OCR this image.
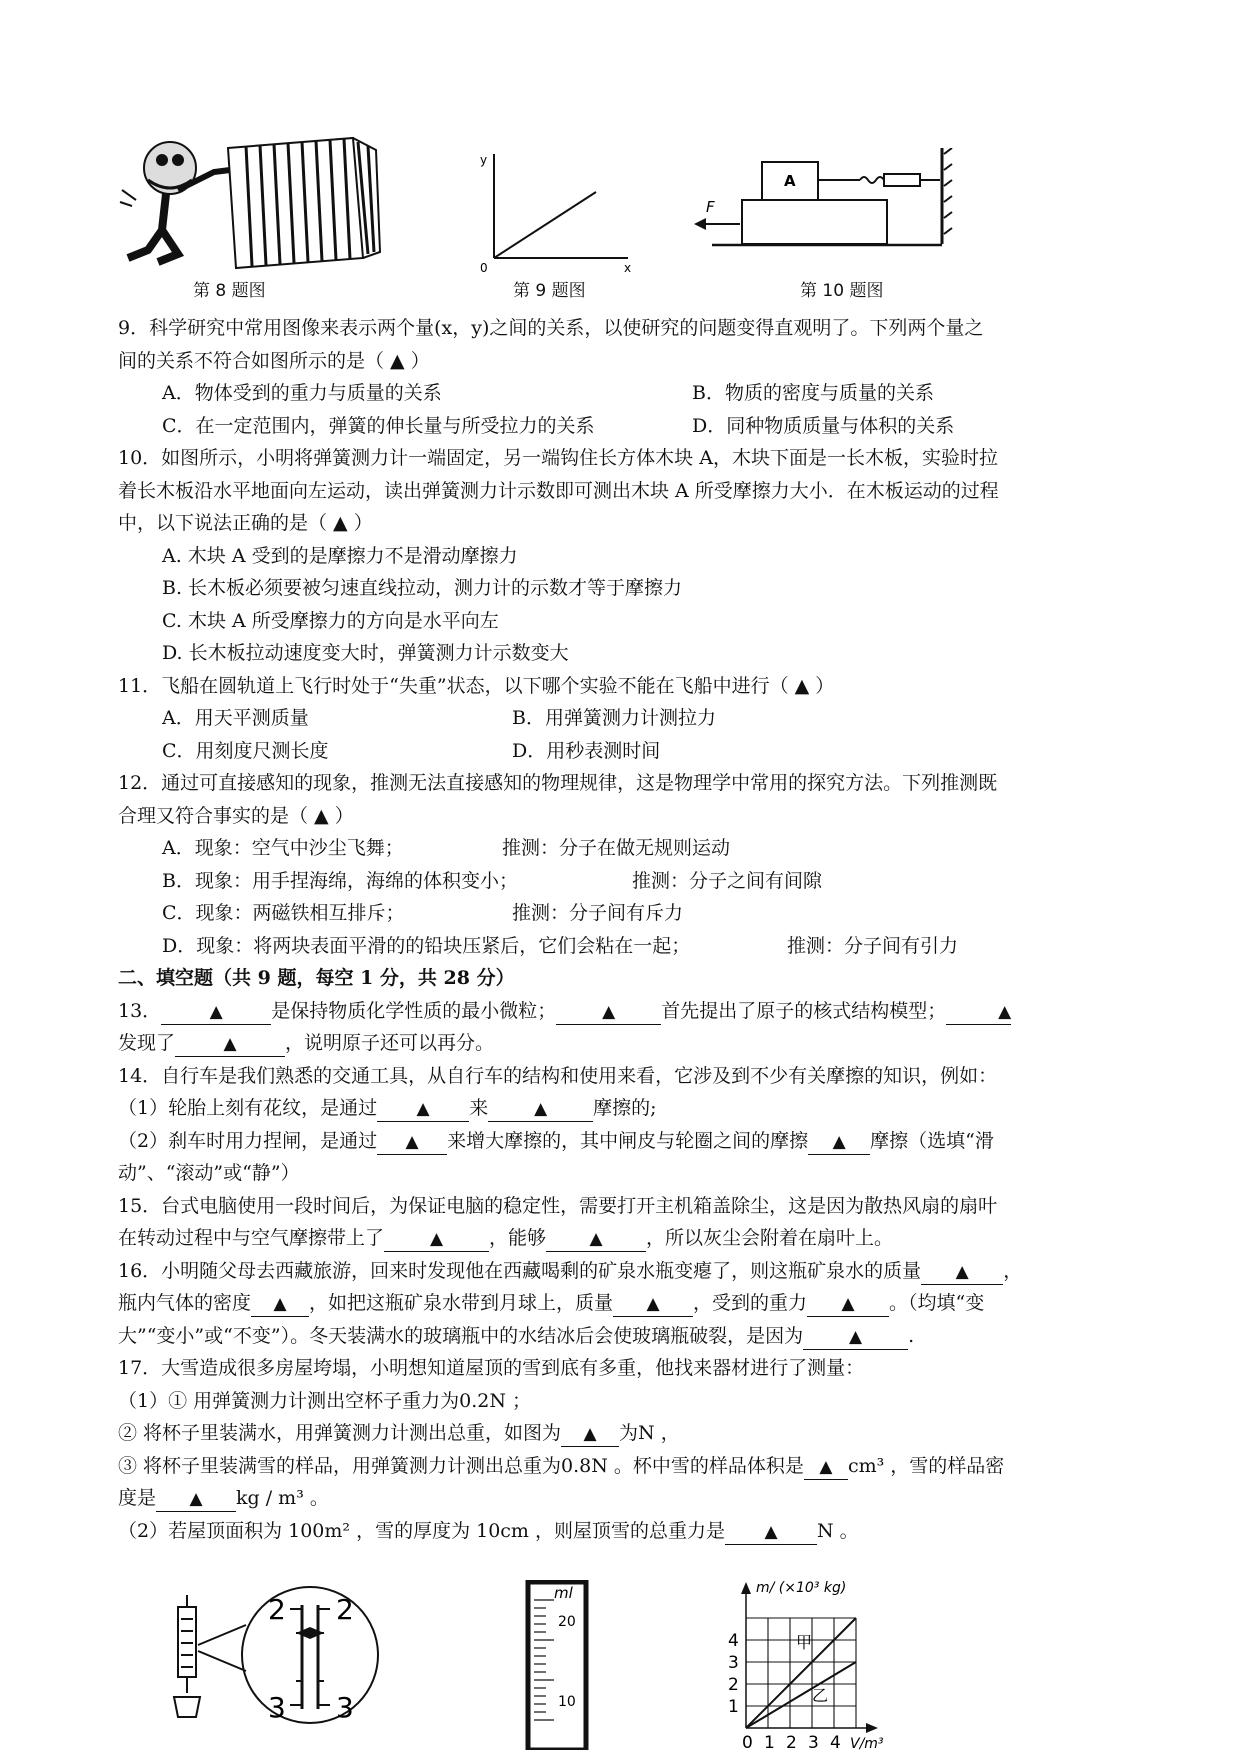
第 8 题图
y
x
0
第 9 题图
A
F
第 10 题图
9．科学研究中常用图像来表示两个量(x，y)之间的关系，以使研究的问题变得直观明了。下列两个量之
间的关系不符合如图所示的是（ ▲ ）
A．物体受到的重力与质量的关系	B．物质的密度与质量的关系
C．在一定范围内，弹簧的伸长量与所受拉力的关系	D．同种物质质量与体积的关系
10．如图所示，小明将弹簧测力计一端固定，另一端钩住长方体木块 A，木块下面是一长木板，实验时拉
着长木板沿水平地面向左运动，读出弹簧测力计示数即可测出木块 A 所受摩擦力大小．在木板运动的过程
中，以下说法正确的是（ ▲ ）
A. 木块 A 受到的是摩擦力不是滑动摩擦力
B. 长木板必须要被匀速直线拉动，测力计的示数才等于摩擦力
C. 木块 A 所受摩擦力的方向是水平向左
D. 长木板拉动速度变大时，弹簧测力计示数变大
11．飞船在圆轨道上飞行时处于“失重”状态，以下哪个实验不能在飞船中进行（ ▲ ）
A．用天平测质量	B．用弹簧测力计测拉力
C．用刻度尺测长度	D．用秒表测时间
12．通过可直接感知的现象，推测无法直接感知的物理规律，这是物理学中常用的探究方法。下列推测既
合理又符合事实的是（ ▲ ）
A．现象：空气中沙尘飞舞；	推测：分子在做无规则运动
B．现象：用手捏海绵，海绵的体积变小；	推测：分子之间有间隙
C．现象：两磁铁相互排斥；	推测：分子间有斥力
D．现象：将两块表面平滑的的铅块压紧后，它们会粘在一起；	推测：分子间有引力
二、填空题（共 9 题，每空 1 分，共 28 分）
13．	▲	是保持物质化学性质的最小微粒；	▲ 首先提出了原子的核式结构模型；	▲
发现了	▲	，说明原子还可以再分。
14．自行车是我们熟悉的交通工具，从自行车的结构和使用来看，它涉及到不少有关摩擦的知识，例如：
（1）轮胎上刻有花纹，是通过 ▲ 来	▲ 摩擦的;
（2）刹车时用力捏闸，是通过 ▲ 来增大摩擦的，其中闸皮与轮圈之间的摩擦 ▲ 摩擦（选填“滑
动”、“滚动”或“静”）
15．台式电脑使用一段时间后，为保证电脑的稳定性，需要打开主机箱盖除尘，这是因为散热风扇的扇叶
在转动过程中与空气摩擦带上了	▲ ，能够	▲ ，所以灰尘会附着在扇叶上。
16．小明随父母去西藏旅游，回来时发现他在西藏喝剩的矿泉水瓶变瘪了，则这瓶矿泉水的质量 ▲ ，
瓶内气体的密度 ▲ ，如把这瓶矿泉水带到月球上，质量 ▲ ，受到的重力 ▲ 。（均填“变
大”“变小”或“不变”）。冬天装满水的玻璃瓶中的水结冰后会使玻璃瓶破裂，是因为	▲ .
17．大雪造成很多房屋垮塌，小明想知道屋顶的雪到底有多重，他找来器材进行了测量：
（1）① 用弹簧测力计测出空杯子重力为0.2N ；
② 将杯子里装满水，用弹簧测力计测出总重，如图为 ▲ 为N ，
③ 将杯子里装满雪的样品，用弹簧测力计测出总重为0.8N 。杯中雪的样品体积是 ▲ cm³ ，雪的样品密
度是 ▲ kg / m³ 。
（2）若屋顶面积为 100m² ，雪的厚度为 10cm ，则屋顶雪的总重力是 ▲ N 。
2 2
3 3
ml
20
10
4
3
2
1
0 1 2 3 4
m/ (×10³ kg)
V/m³
甲
乙
